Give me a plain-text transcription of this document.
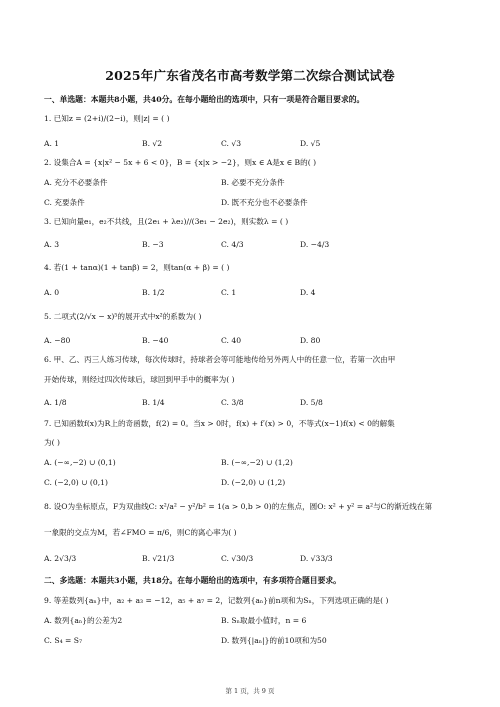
2025年广东省茂名市高考数学第二次综合测试试卷
一、单选题：本题共8小题，共40分。在每小题给出的选项中，只有一项是符合题目要求的。
1. 已知z = (2+i)/(2−i)，则|z| = ( )
A. 1	B. √2	C. √3	D. √5
2. 设集合A = {x|x² − 5x + 6 < 0}，B = {x|x > −2}，则x ∈ A是x ∈ B的( )
A. 充分不必要条件	B. 必要不充分条件
C. 充要条件	D. 既不充分也不必要条件
3. 已知向量e₁，e₂不共线，且(2e₁ + λe₂)//(3e₁ − 2e₂)，则实数λ = ( )
A. 3	B. −3	C. 4/3	D. −4/3
4. 若(1 + tanα)(1 + tanβ) = 2，则tan(α + β) = ( )
A. 0	B. 1/2	C. 1	D. 4
5. 二项式(2/√x − x)⁵的展开式中x²的系数为( )
A. −80	B. −40	C. 40	D. 80
6. 甲、乙、丙三人练习传球，每次传球时，持球者会等可能地传给另外两人中的任意一位，若第一次由甲
开始传球，则经过四次传球后，球回到甲手中的概率为( )
A. 1/8	B. 1/4	C. 3/8	D. 5/8
7. 已知函数f(x)为R上的奇函数，f(2) = 0。当x > 0时，f(x) + f′(x) > 0，不等式(x−1)f(x) < 0的解集
为( )
A. (−∞,−2) ∪ (0,1)	B. (−∞,−2) ∪ (1,2)
C. (−2,0) ∪ (0,1)	D. (−2,0) ∪ (1,2)
8. 设O为坐标原点，F为双曲线C: x²/a² − y²/b² = 1(a > 0,b > 0)的左焦点，圆O: x² + y² = a²与C的渐近线在第
一象限的交点为M，若∠FMO = π/6，则C的离心率为( )
A. 2√3/3	B. √21/3	C. √30/3	D. √33/3
二、多选题：本题共3小题，共18分。在每小题给出的选项中，有多项符合题目要求。
9. 等差数列{aₙ}中，a₂ + a₃ = −12，a₅ + a₇ = 2，记数列{aₙ}前n项和为Sₙ，下列选项正确的是( )
A. 数列{aₙ}的公差为2	B. Sₙ取最小值时，n = 6
C. S₄ = S₇	D. 数列{|aₙ|}的前10项和为50
第 1 页，共 9 页
